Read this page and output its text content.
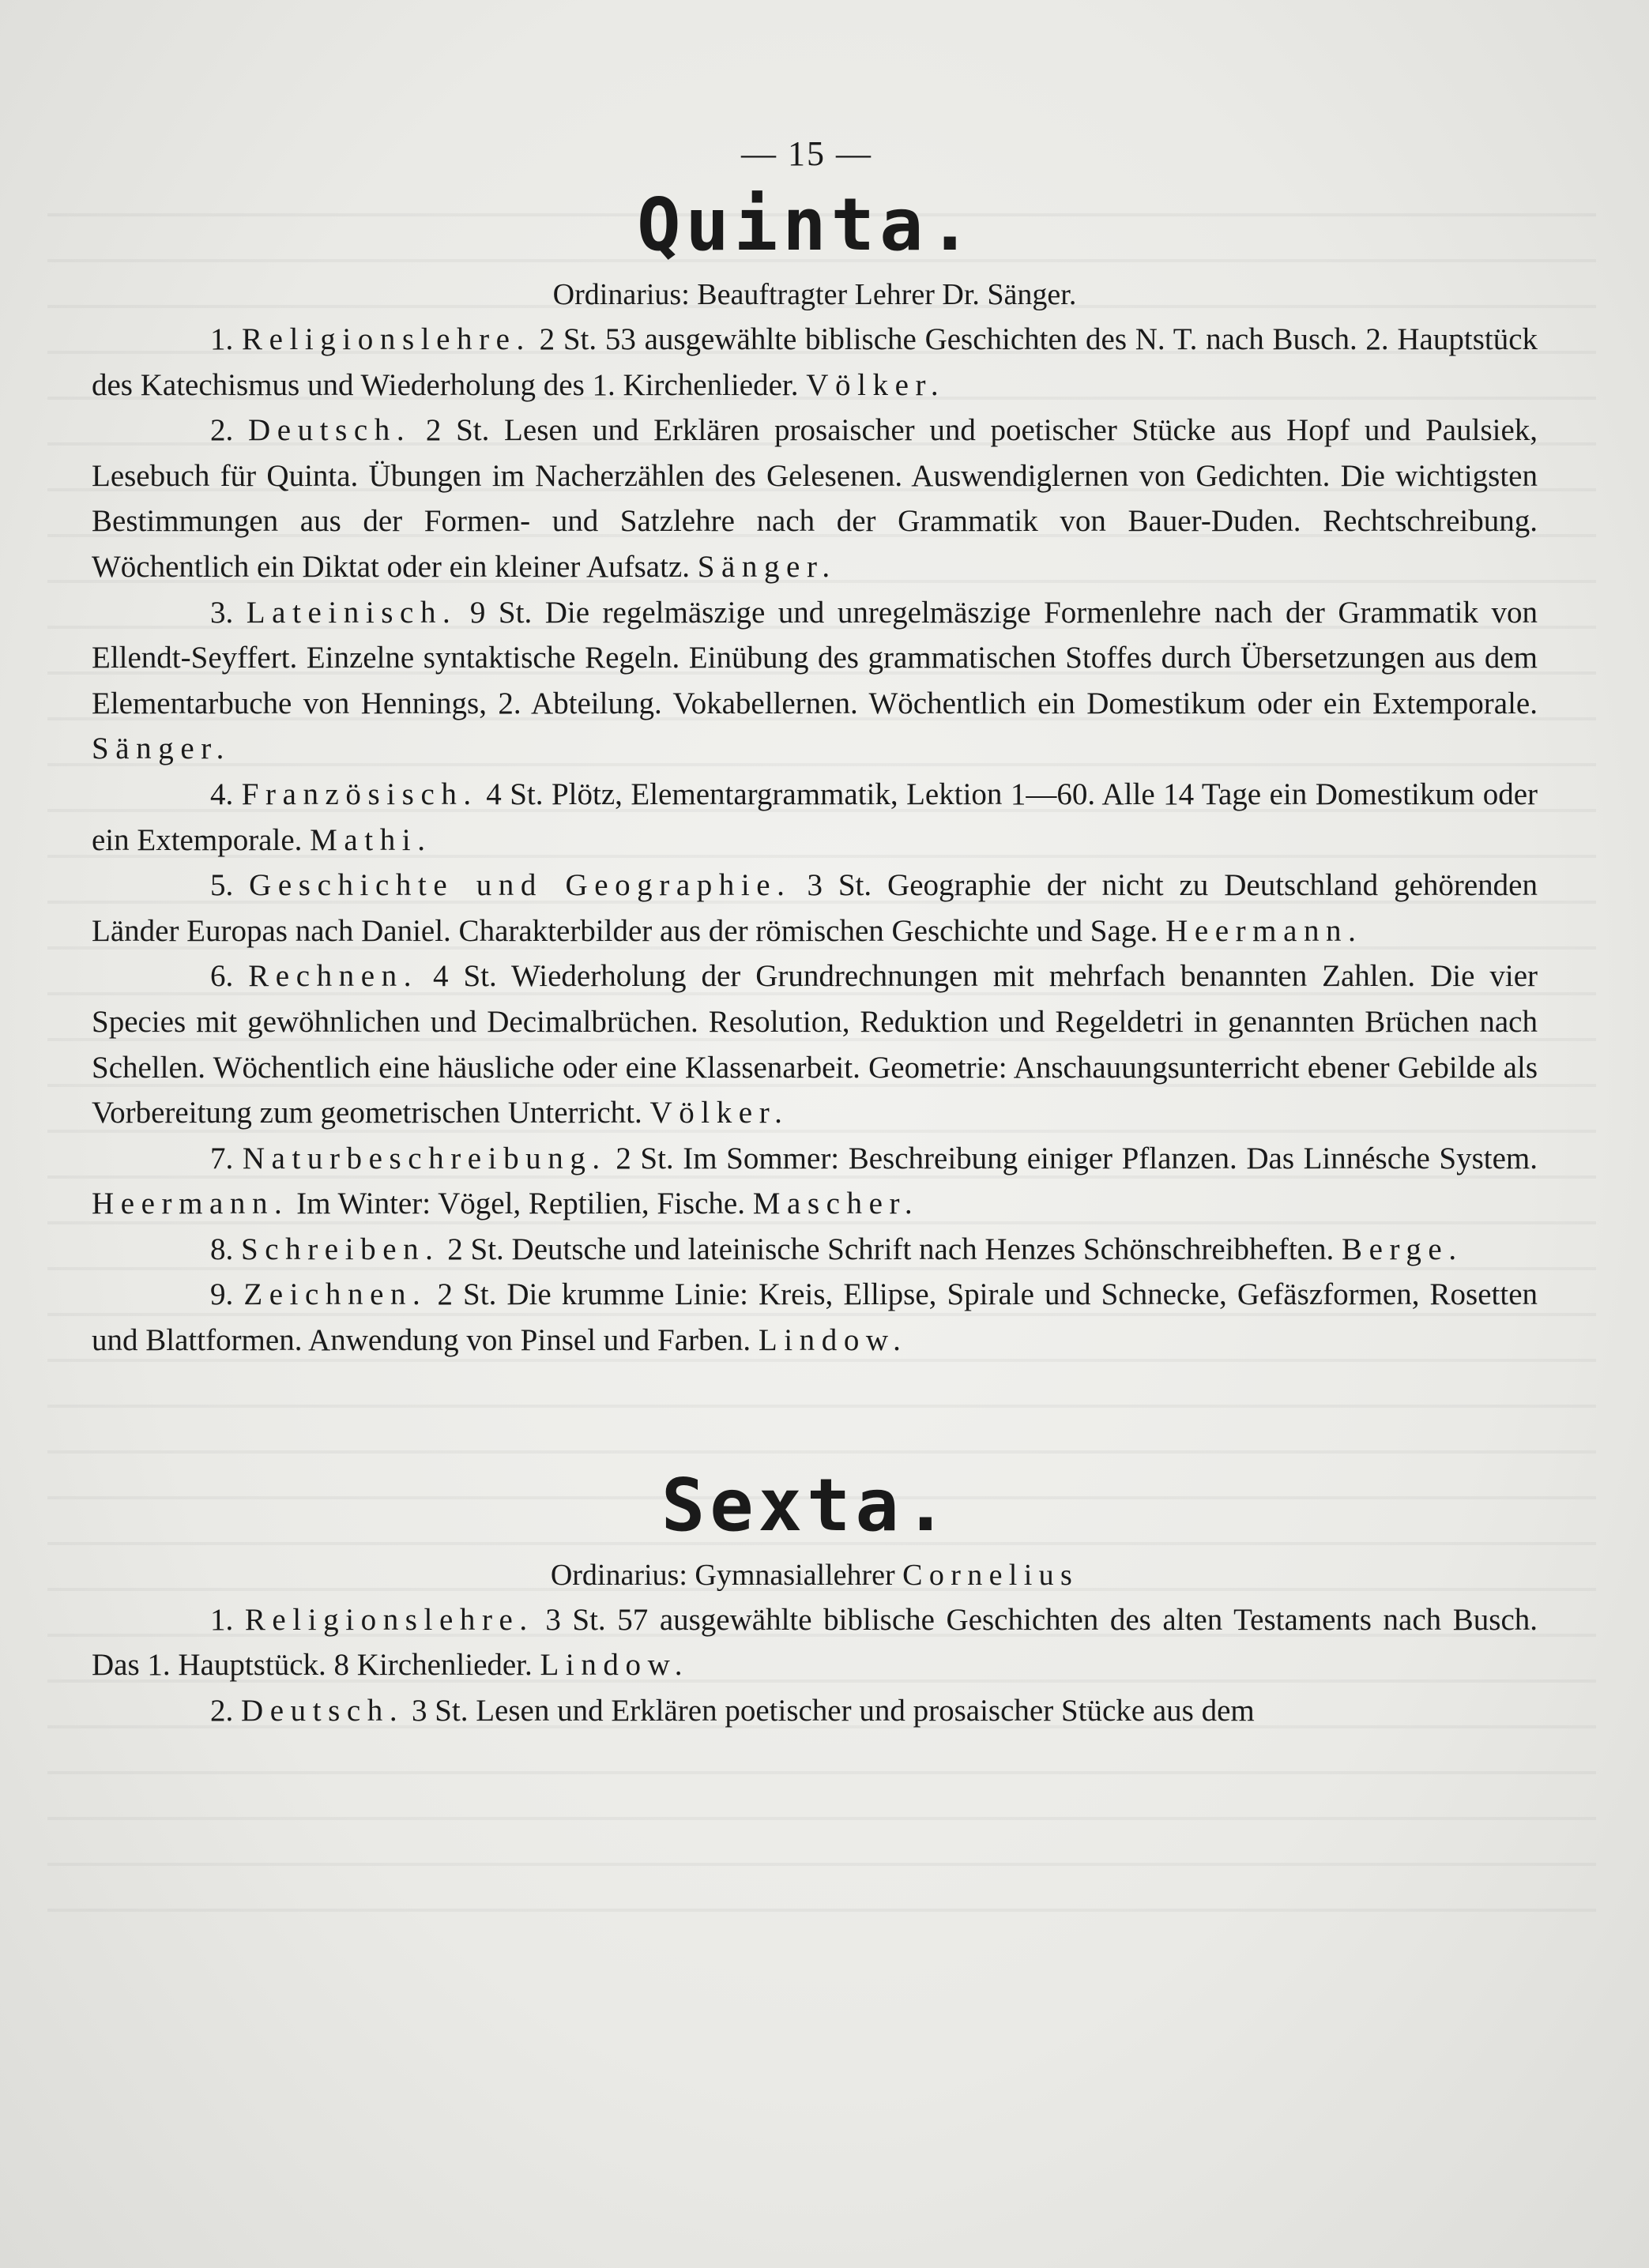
— 15 —
Quinta.
Ordinarius: Beauftragter Lehrer Dr. Sänger.

1. Religionslehre. 2 St. 53 ausgewählte biblische Geschichten des N. T. nach Busch. 2. Hauptstück des Katechismus und Wiederholung des 1. Kirchenlieder. Völker.

2. Deutsch. 2 St. Lesen und Erklären prosaischer und poetischer Stücke aus Hopf und Paulsiek, Lesebuch für Quinta. Übungen im Nacherzählen des Gelesenen. Auswendiglernen von Gedichten. Die wichtigsten Bestimmungen aus der Formen- und Satzlehre nach der Grammatik von Bauer-Duden. Rechtschreibung. Wöchentlich ein Diktat oder ein kleiner Aufsatz. Sänger.

3. Lateinisch. 9 St. Die regelmäszige und unregelmäszige Formenlehre nach der Grammatik von Ellendt-Seyffert. Einzelne syntaktische Regeln. Einübung des grammatischen Stoffes durch Übersetzungen aus dem Elementarbuche von Hennings, 2. Abteilung. Vokabellernen. Wöchentlich ein Domestikum oder ein Extemporale. Sänger.

4. Französisch. 4 St. Plötz, Elementargrammatik, Lektion 1—60. Alle 14 Tage ein Domestikum oder ein Extemporale. Mathi.

5. Geschichte und Geographie. 3 St. Geographie der nicht zu Deutschland gehörenden Länder Europas nach Daniel. Charakterbilder aus der römischen Geschichte und Sage. Heermann.

6. Rechnen. 4 St. Wiederholung der Grundrechnungen mit mehrfach benannten Zahlen. Die vier Species mit gewöhnlichen und Decimalbrüchen. Resolution, Reduktion und Regeldetri in genannten Brüchen nach Schellen. Wöchentlich eine häusliche oder eine Klassenarbeit. Geometrie: Anschauungsunterricht ebener Gebilde als Vorbereitung zum geometrischen Unterricht. Völker.

7. Naturbeschreibung. 2 St. Im Sommer: Beschreibung einiger Pflanzen. Das Linnésche System. Heermann. Im Winter: Vögel, Reptilien, Fische. Mascher.

8. Schreiben. 2 St. Deutsche und lateinische Schrift nach Henzes Schönschreibheften. Berge.

9. Zeichnen. 2 St. Die krumme Linie: Kreis, Ellipse, Spirale und Schnecke, Gefäszformen, Rosetten und Blattformen. Anwendung von Pinsel und Farben. Lindow.

Sexta.
Ordinarius: Gymnasiallehrer Cornelius

1. Religionslehre. 3 St. 57 ausgewählte biblische Geschichten des alten Testaments nach Busch. Das 1. Hauptstück. 8 Kirchenlieder. Lindow.

2. Deutsch. 3 St. Lesen und Erklären poetischer und prosaischer Stücke aus dem
